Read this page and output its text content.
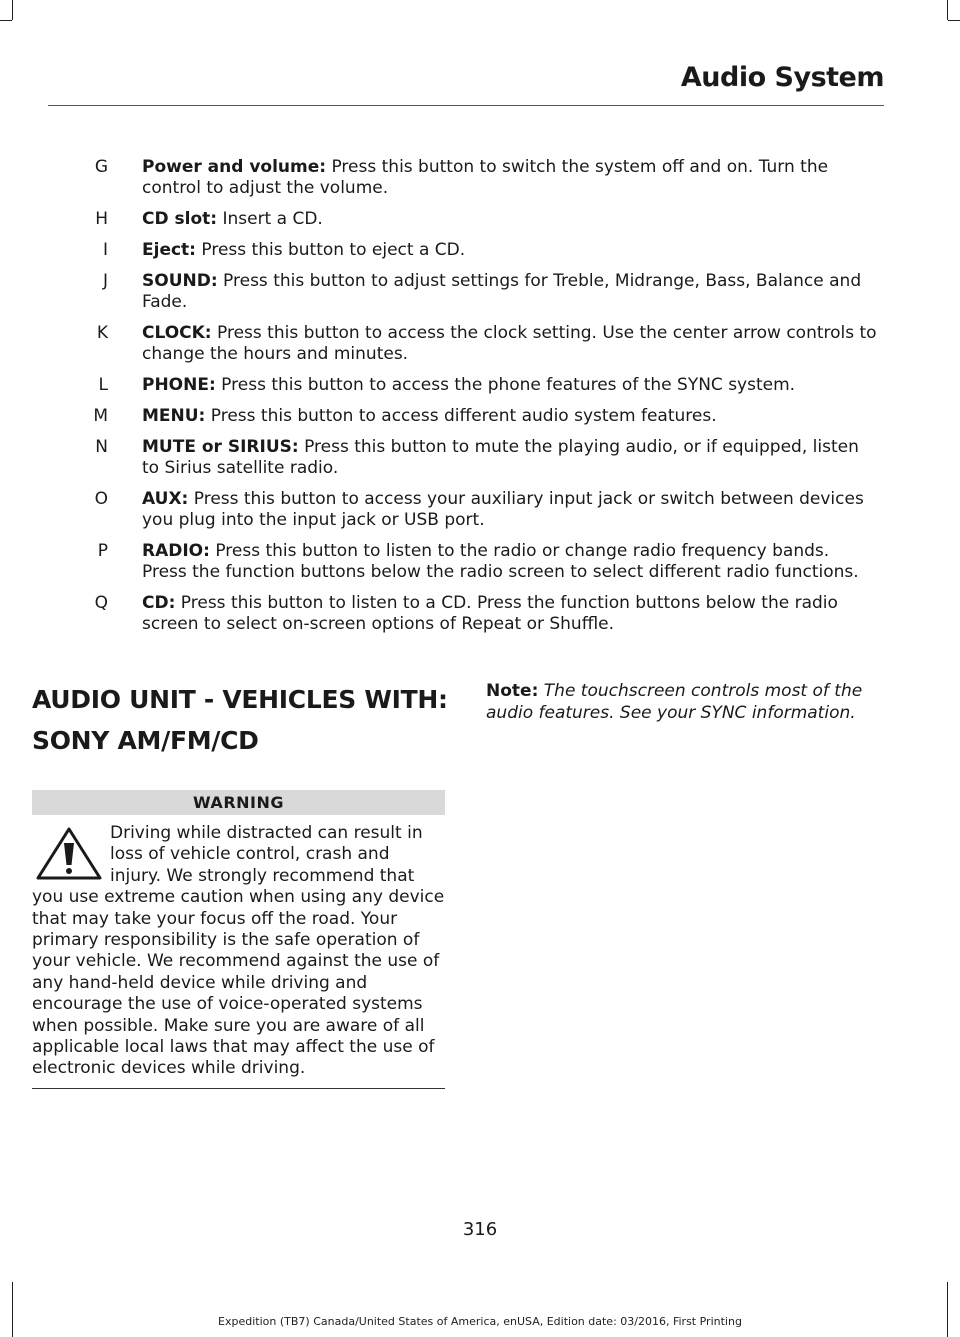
Audio System
G Power and volume: Press this button to switch the system off and on. Turn the control to adjust the volume.
H CD slot: Insert a CD.
I Eject: Press this button to eject a CD.
J SOUND: Press this button to adjust settings for Treble, Midrange, Bass, Balance and Fade.
K CLOCK: Press this button to access the clock setting. Use the center arrow controls to change the hours and minutes.
L PHONE: Press this button to access the phone features of the SYNC system.
M MENU: Press this button to access different audio system features.
N MUTE or SIRIUS: Press this button to mute the playing audio, or if equipped, listen to Sirius satellite radio.
O AUX: Press this button to access your auxiliary input jack or switch between devices you plug into the input jack or USB port.
P RADIO: Press this button to listen to the radio or change radio frequency bands. Press the function buttons below the radio screen to select different radio functions.
Q CD: Press this button to listen to a CD. Press the function buttons below the radio screen to select on-screen options of Repeat or Shuffle.
AUDIO UNIT - VEHICLES WITH:
SONY AM/FM/CD
WARNING
Driving while distracted can result in loss of vehicle control, crash and injury. We strongly recommend that you use extreme caution when using any device that may take your focus off the road. Your primary responsibility is the safe operation of your vehicle. We recommend against the use of any hand-held device while driving and encourage the use of voice-operated systems when possible. Make sure you are aware of all applicable local laws that may affect the use of electronic devices while driving.
Note: The touchscreen controls most of the audio features. See your SYNC information.
316
Expedition (TB7) Canada/United States of America, enUSA, Edition date: 03/2016, First Printing
